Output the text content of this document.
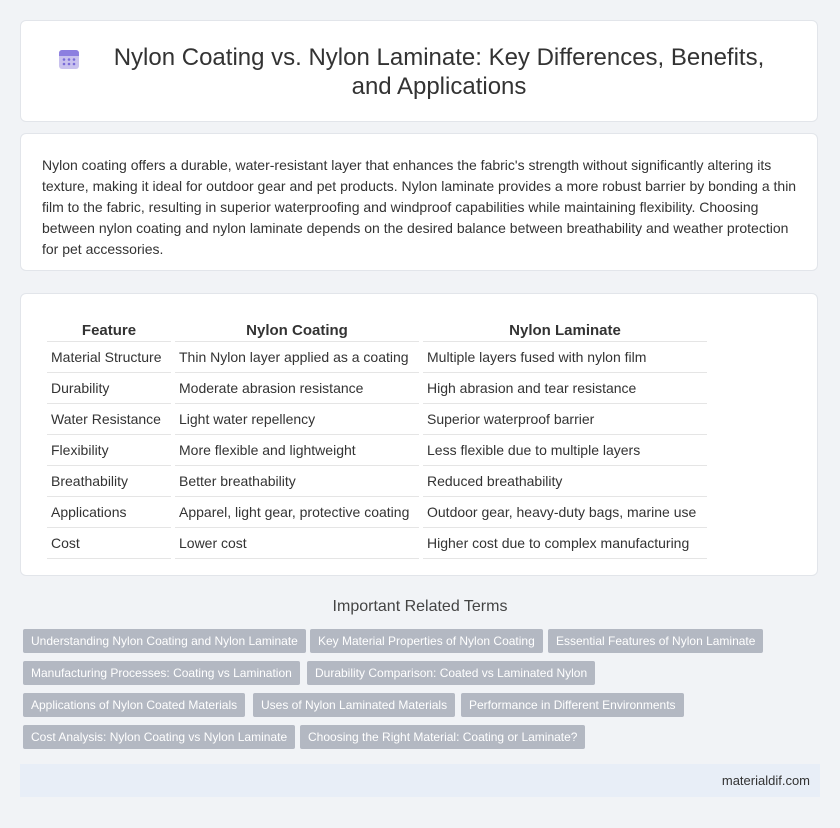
Nylon Coating vs. Nylon Laminate: Key Differences, Benefits, and Applications

Nylon coating offers a durable, water-resistant layer that enhances the fabric's strength without significantly altering its texture, making it ideal for outdoor gear and pet products. Nylon laminate provides a more robust barrier by bonding a thin film to the fabric, resulting in superior waterproofing and windproof capabilities while maintaining flexibility. Choosing between nylon coating and nylon laminate depends on the desired balance between breathability and weather protection for pet accessories.

Feature	Nylon Coating	Nylon Laminate
Material Structure	Thin Nylon layer applied as a coating	Multiple layers fused with nylon film
Durability	Moderate abrasion resistance	High abrasion and tear resistance
Water Resistance	Light water repellency	Superior waterproof barrier
Flexibility	More flexible and lightweight	Less flexible due to multiple layers
Breathability	Better breathability	Reduced breathability
Applications	Apparel, light gear, protective coating	Outdoor gear, heavy-duty bags, marine use
Cost	Lower cost	Higher cost due to complex manufacturing
Important Related Terms
Understanding Nylon Coating and Nylon Laminate	Key Material Properties of Nylon Coating	Essential Features of Nylon Laminate
Manufacturing Processes: Coating vs Lamination	Durability Comparison: Coated vs Laminated Nylon
Applications of Nylon Coated Materials	Uses of Nylon Laminated Materials	Performance in Different Environments
Cost Analysis: Nylon Coating vs Nylon Laminate	Choosing the Right Material: Coating or Laminate?
materialdif.com
